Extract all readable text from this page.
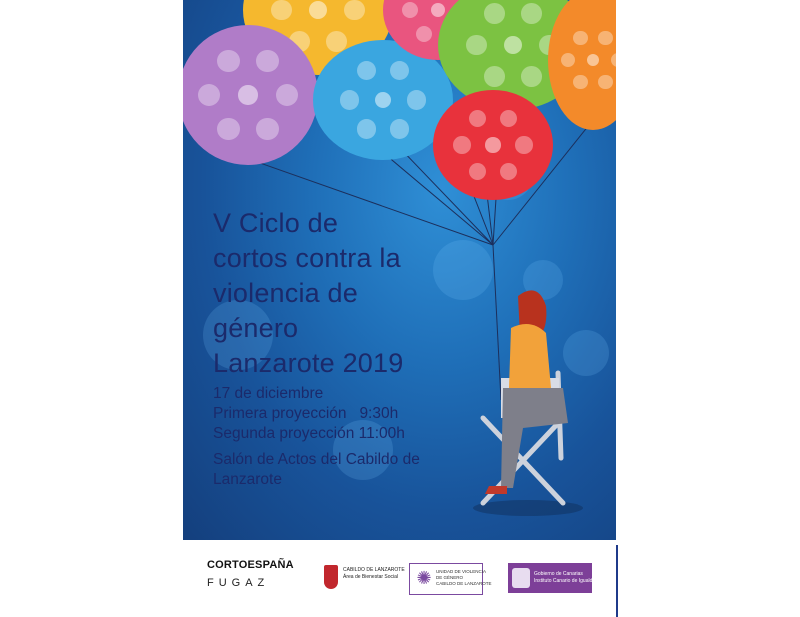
V Ciclo de
cortos contra la
violencia de
género
Lanzarote 2019
17 de diciembre
Primera proyección   9:30h
Segunda proyección 11:00h
Salón de Actos del Cabildo de
Lanzarote
CORTOESPAÑA
FUGAZ
CABILDO DE LANZAROTE
Área de Bienestar Social	✺ UNIDAD DE VIOLENCIA
DE GÉNERO
CABILDO DE LANZAROTE
Gobierno de Canarias
Instituto Canario de Igualdad
